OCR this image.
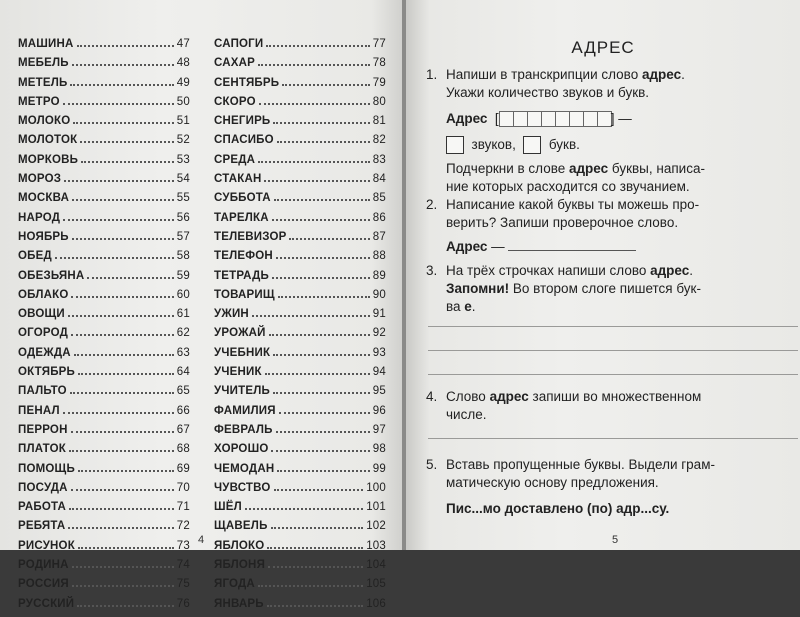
МАШИНА	47
МЕБЕЛЬ	48
МЕТЕЛЬ	49
МЕТРО	50
МОЛОКО	51
МОЛОТОК	52
МОРКОВЬ	53
МОРОЗ	54
МОСКВА	55
НАРОД	56
НОЯБРЬ	57
ОБЕД	58
ОБЕЗЬЯНА	59
ОБЛАКО	60
ОВОЩИ	61
ОГОРОД	62
ОДЕЖДА	63
ОКТЯБРЬ	64
ПАЛЬТО	65
ПЕНАЛ	66
ПЕРРОН	67
ПЛАТОК	68
ПОМОЩЬ	69
ПОСУДА	70
РАБОТА	71
РЕБЯТА	72
РИСУНОК	73
РОДИНА	74
РОССИЯ	75
РУССКИЙ	76
САПОГИ	77
САХАР	78
СЕНТЯБРЬ	79
СКОРО	80
СНЕГИРЬ	81
СПАСИБО	82
СРЕДА	83
СТАКАН	84
СУББОТА	85
ТАРЕЛКА	86
ТЕЛЕВИЗОР	87
ТЕЛЕФОН	88
ТЕТРАДЬ	89
ТОВАРИЩ	90
УЖИН	91
УРОЖАЙ	92
УЧЕБНИК	93
УЧЕНИК	94
УЧИТЕЛЬ	95
ФАМИЛИЯ	96
ФЕВРАЛЬ	97
ХОРОШО	98
ЧЕМОДАН	99
ЧУВСТВО	100
ШЁЛ	101
ЩАВЕЛЬ	102
ЯБЛОКО	103
ЯБЛОНЯ	104
ЯГОДА	105
ЯНВАРЬ	106
4
АДРЕС
1. Напиши в транскрипции слово адрес.
Укажи количество звуков и букв.
Адрес [	] —
звуков, букв.
Подчеркни в слове адрес буквы, написа-
ние которых расходится со звучанием.
2. Написание какой буквы ты можешь про-
верить? Запиши проверочное слово.
Адрес —
3. На трёх строчках напиши слово адрес.
Запомни! Во втором слоге пишется бук-
ва е.
4. Слово адрес запиши во множественном
числе.
5. Вставь пропущенные буквы. Выдели грам-
матическую основу предложения.
Пис...мо доставлено (по) адр...су.
5
